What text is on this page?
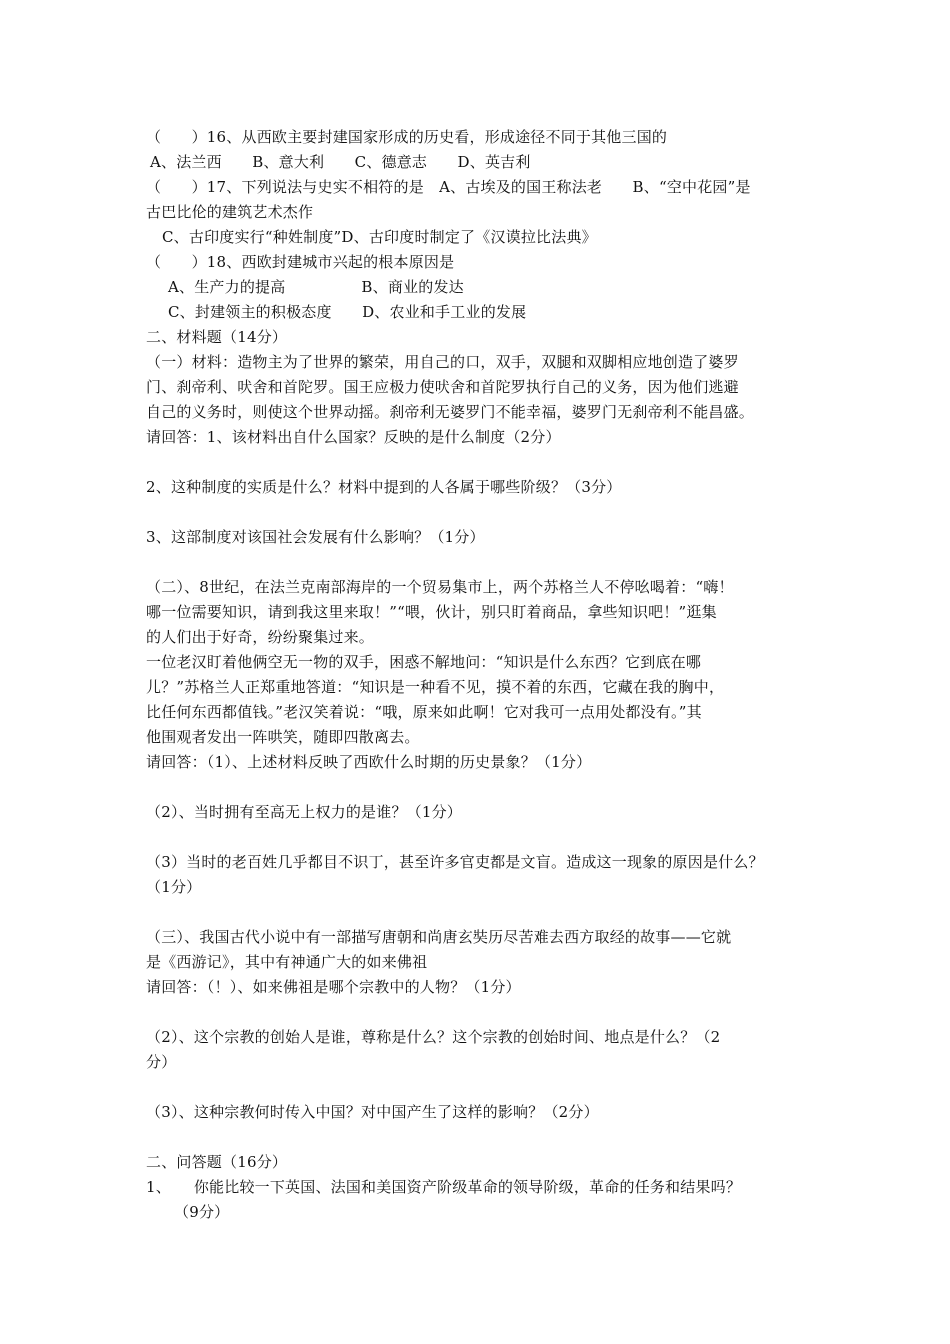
（　　）16、从西欧主要封建国家形成的历史看，形成途径不同于其他三国的
A、法兰西　　B、意大利　　C、德意志　　D、英吉利
（　　）17、下列说法与史实不相符的是　A、古埃及的国王称法老　　B、“空中花园”是
古巴比伦的建筑艺术杰作
C、古印度实行“种姓制度”D、古印度时制定了《汉谟拉比法典》
（　　）18、西欧封建城市兴起的根本原因是
A、生产力的提高　　　　　B、商业的发达
C、封建领主的积极态度　　D、农业和手工业的发展
二、材料题（14分）
（一）材料：造物主为了世界的繁荣，用自己的口，双手，双腿和双脚相应地创造了婆罗
门、刹帝利、吠舍和首陀罗。国王应极力使吠舍和首陀罗执行自己的义务，因为他们逃避
自己的义务时，则使这个世界动摇。刹帝利无婆罗门不能幸福，婆罗门无刹帝利不能昌盛。
请回答：1、该材料出自什么国家？反映的是什么制度（2分）
2、这种制度的实质是什么？材料中提到的人各属于哪些阶级？（3分）
3、这部制度对该国社会发展有什么影响？（1分）
（二）、8世纪，在法兰克南部海岸的一个贸易集市上，两个苏格兰人不停吆喝着：“嗨！
哪一位需要知识，请到我这里来取！”“喂，伙计，别只盯着商品，拿些知识吧！”逛集
的人们出于好奇，纷纷聚集过来。
一位老汉盯着他俩空无一物的双手，困惑不解地问：“知识是什么东西？它到底在哪
儿？”苏格兰人正郑重地答道：“知识是一种看不见，摸不着的东西，它藏在我的胸中，
比任何东西都值钱。”老汉笑着说：“哦，原来如此啊！它对我可一点用处都没有。”其
他围观者发出一阵哄笑，随即四散离去。
请回答：（1）、上述材料反映了西欧什么时期的历史景象？（1分）
（2）、当时拥有至高无上权力的是谁？（1分）
（3）当时的老百姓几乎都目不识丁，甚至许多官吏都是文盲。造成这一现象的原因是什么？
（1分）
（三）、我国古代小说中有一部描写唐朝和尚唐玄奘历尽苦难去西方取经的故事——它就
是《西游记》，其中有神通广大的如来佛祖
请回答：（！）、如来佛祖是哪个宗教中的人物？（1分）
（2）、这个宗教的创始人是谁，尊称是什么？这个宗教的创始时间、地点是什么？（2
分）
（3）、这种宗教何时传入中国？对中国产生了这样的影响？（2分）
二、问答题（16分）
1、　　你能比较一下英国、法国和美国资产阶级革命的领导阶级，革命的任务和结果吗？
（9分）
